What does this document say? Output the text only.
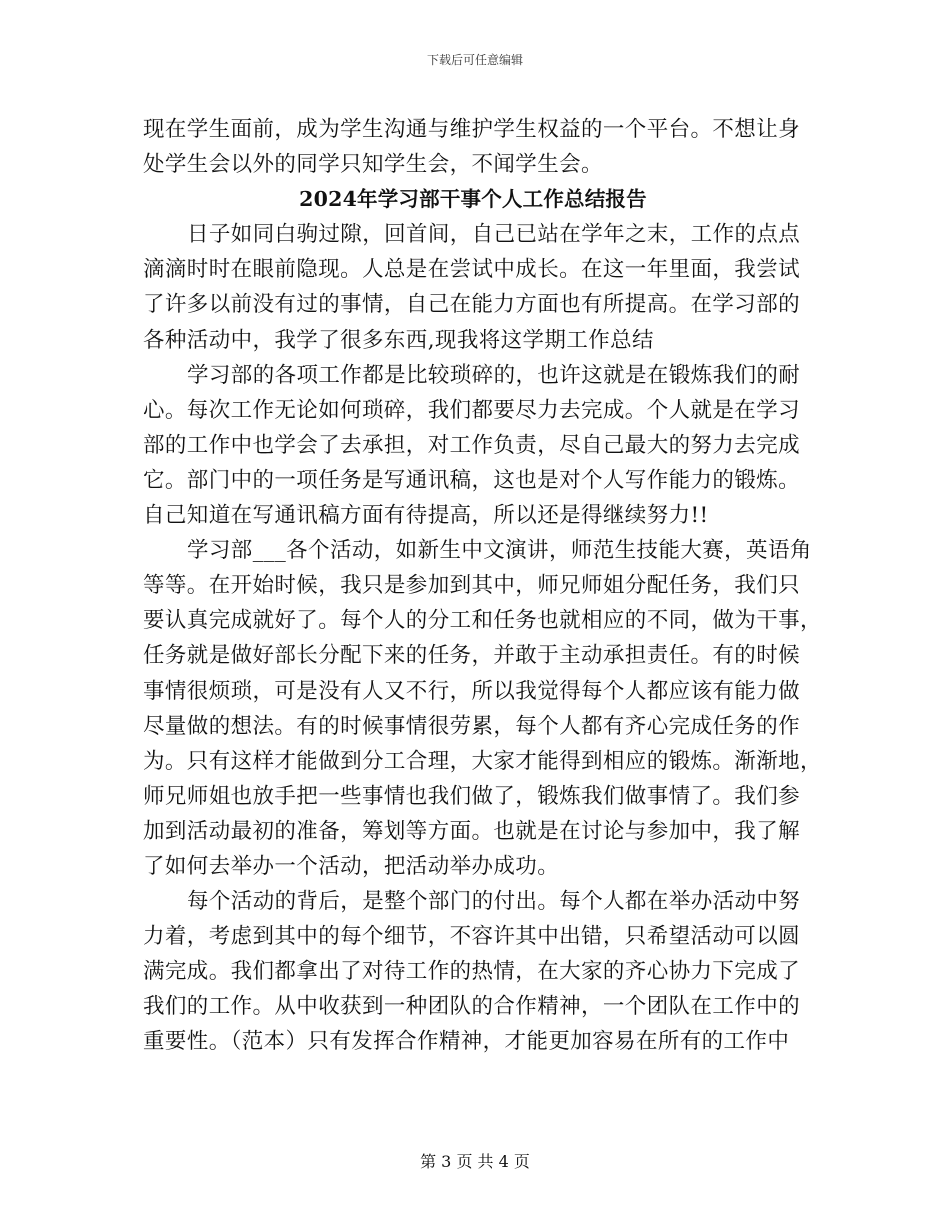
下载后可任意编辑
现在学生面前，成为学生沟通与维护学生权益的一个平台。不想让身
处学生会以外的同学只知学生会，不闻学生会。
2024年学习部干事个人工作总结报告
日子如同白驹过隙，回首间，自己已站在学年之末，工作的点点
滴滴时时在眼前隐现。人总是在尝试中成长。在这一年里面，我尝试
了许多以前没有过的事情，自己在能力方面也有所提高。在学习部的
各种活动中，我学了很多东西,现我将这学期工作总结
学习部的各项工作都是比较琐碎的，也许这就是在锻炼我们的耐
心。每次工作无论如何琐碎，我们都要尽力去完成。个人就是在学习
部的工作中也学会了去承担，对工作负责，尽自己最大的努力去完成
它。部门中的一项任务是写通讯稿，这也是对个人写作能力的锻炼。
自己知道在写通讯稿方面有待提高，所以还是得继续努力!!
学习部___各个活动，如新生中文演讲，师范生技能大赛，英语角
等等。在开始时候，我只是参加到其中，师兄师姐分配任务，我们只
要认真完成就好了。每个人的分工和任务也就相应的不同，做为干事，
任务就是做好部长分配下来的任务，并敢于主动承担责任。有的时候
事情很烦琐，可是没有人又不行，所以我觉得每个人都应该有能力做
尽量做的想法。有的时候事情很劳累，每个人都有齐心完成任务的作
为。只有这样才能做到分工合理，大家才能得到相应的锻炼。渐渐地，
师兄师姐也放手把一些事情也我们做了，锻炼我们做事情了。我们参
加到活动最初的准备，筹划等方面。也就是在讨论与参加中，我了解
了如何去举办一个活动，把活动举办成功。
每个活动的背后，是整个部门的付出。每个人都在举办活动中努
力着，考虑到其中的每个细节，不容许其中出错，只希望活动可以圆
满完成。我们都拿出了对待工作的热情，在大家的齐心协力下完成了
我们的工作。从中收获到一种团队的合作精神，一个团队在工作中的
重要性。（范本）只有发挥合作精神，才能更加容易在所有的工作中
第 3 页 共 4 页
